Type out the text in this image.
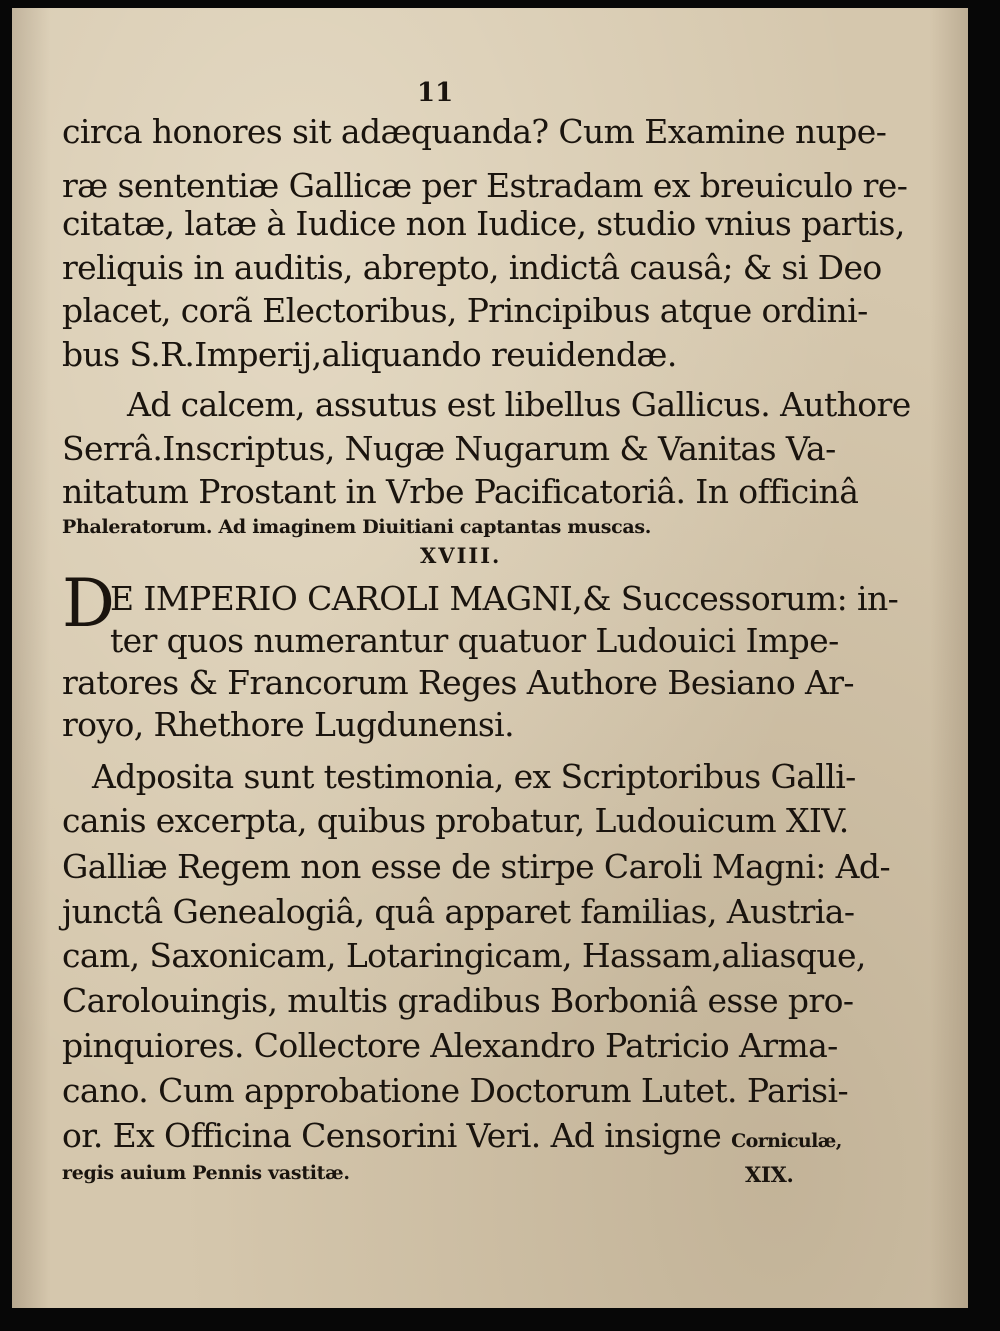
11
circa honores sit adæquanda? Cum Examine nupe-
ræ sententiæ Gallicæ per Estradam ex breuiculo re-
citatæ, latæ à Iudice non Iudice, studio vnius partis,
reliquis in auditis, abrepto, indictâ causâ; & si Deo
placet, corã Electoribus, Principibus atque ordini-
bus S.R.Imperij,aliquando reuidendæ.
Ad calcem, assutus est libellus Gallicus. Authore
Serrâ.Inscriptus, Nugæ Nugarum & Vanitas Va-
nitatum Prostant in Vrbe Pacificatoriâ. In officinâ
Phaleratorum. Ad imaginem Diuitiani captantas muscas.
XVIII.
D
E IMPERIO CAROLI MAGNI,& Successorum: in-
ter quos numerantur quatuor Ludouici Impe-
ratores & Francorum Reges Authore Besiano Ar-
royo, Rhethore Lugdunensi.
Adposita sunt testimonia, ex Scriptoribus Galli-
canis excerpta, quibus probatur, Ludouicum XIV.
Galliæ Regem non esse de stirpe Caroli Magni: Ad-
junctâ Genealogiâ, quâ apparet familias, Austria-
cam, Saxonicam, Lotaringicam, Hassam,aliasque,
Carolouingis, multis gradibus Borboniâ esse pro-
pinquiores. Collectore Alexandro Patricio Arma-
cano. Cum approbatione Doctorum Lutet. Parisi-
or. Ex Officina Censorini Veri. Ad insigne Corniculæ,
regis auium Pennis vastitæ.	XIX.
